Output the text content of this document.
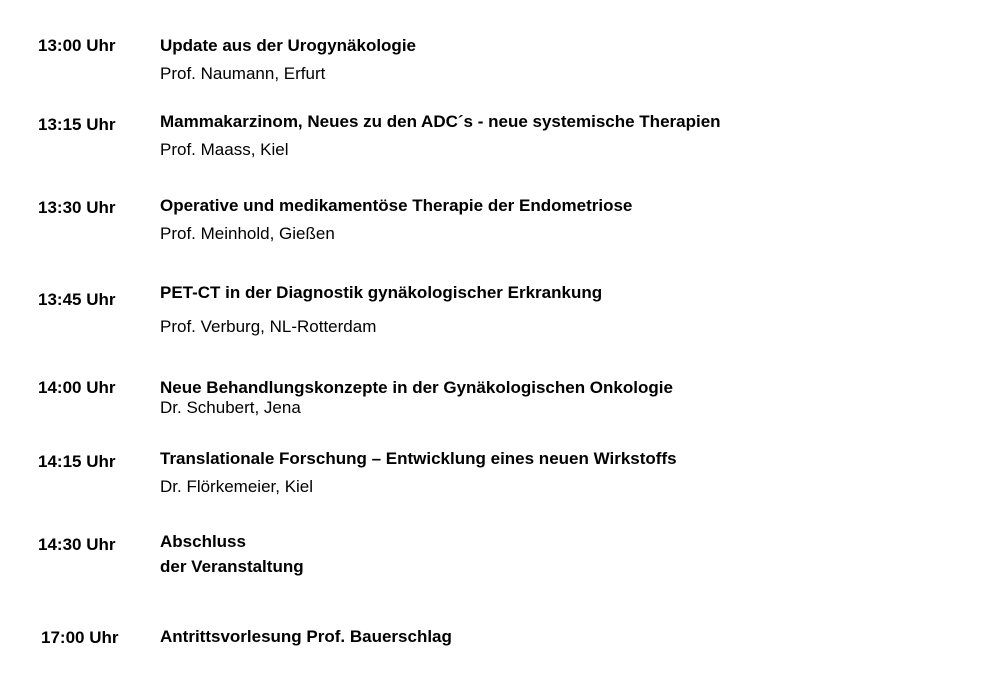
13:00 Uhr	Update aus der Urogynäkologie
Prof. Naumann, Erfurt
13:15 Uhr	Mammakarzinom, Neues zu den ADC´s - neue systemische Therapien
Prof. Maass, Kiel
13:30 Uhr	Operative und medikamentöse Therapie der Endometriose
Prof. Meinhold, Gießen
13:45 Uhr	PET-CT in der Diagnostik gynäkologischer Erkrankung
Prof. Verburg, NL-Rotterdam
14:00 Uhr	Neue Behandlungskonzepte in der Gynäkologischen Onkologie
Dr. Schubert, Jena
14:15 Uhr	Translationale Forschung – Entwicklung eines neuen Wirkstoffs
Dr. Flörkemeier, Kiel
14:30 Uhr	Abschluss
der Veranstaltung
17:00 Uhr Antrittsvorlesung Prof. Bauerschlag
